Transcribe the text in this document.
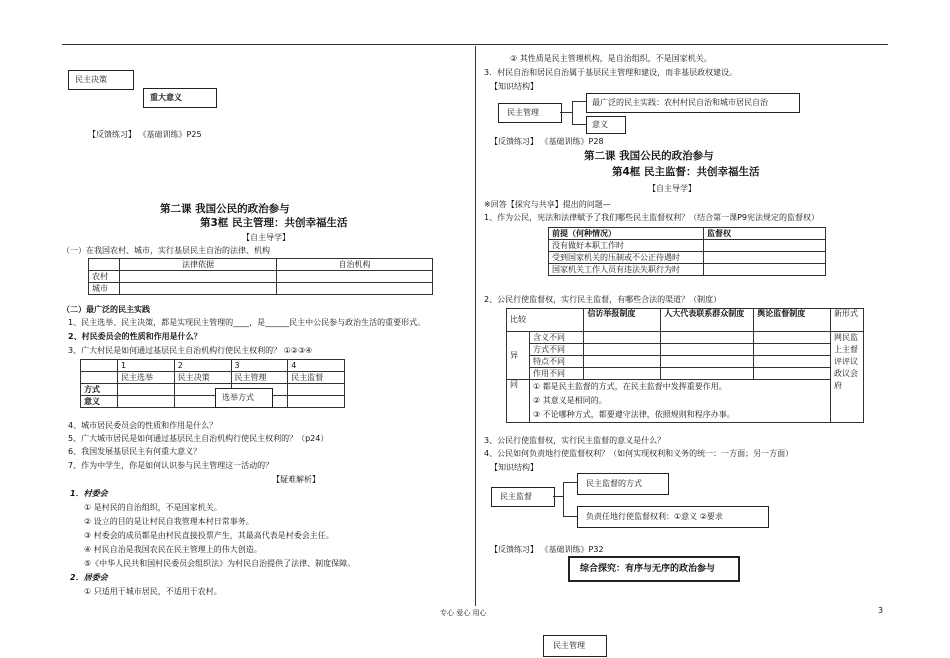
民主决策
重大意义
【反馈练习】 《基础训练》P25
第二课 我国公民的政治参与
第3框 民主管理：共创幸福生活
【自主导学】
（一）在我国农村、城市，实行基层民主自治的法律、机构
	法律依据	自治机构
农村		
城市		
（二）最广泛的民主实践
1、民主选举、民主决策，都是实现民主管理的____，是______民主中公民参与政治生活的重要形式。
2、村民委员会的性质和作用是什么？
3、广大村民是如何通过基层民主自治机构行使民主权利的？ ①②③④
	1	2	3	4
	民主选举	民主决策	民主管理	民主监督
方式				
意义					选举方式
4、城市居民委员会的性质和作用是什么？
5、广大城市居民是如何通过基层民主自治机构行使民主权利的？（p24）
6、我国发展基层民主有何重大意义？
7、作为中学生，你是如何认识参与民主管理这一活动的？
【疑难解析】
1．村委会
① 是村民的自治组织，不是国家机关。
② 设立的目的是让村民自我管理本村日常事务。
③ 村委会的成员都是由村民直接投票产生，其最高代表是村委会主任。
④ 村民自治是我国农民在民主管理上的伟大创造。
⑤《中华人民共和国村民委员会组织法》为村民自治提供了法律、制度保障。
2．居委会
① 只适用于城市居民，不适用于农村。
② 其性质是民主管理机构，是自治组织，不是国家机关。
3．村民自治和居民自治属于基层民主管理和建设，而非基层政权建设。
【知识结构】
民主管理
最广泛的民主实践：农村村民自治和城市居民自治
意义
【反馈练习】 《基础训练》P28
第二课 我国公民的政治参与
第4框 民主监督：共创幸福生活
【自主导学】
※回答【探究与共享】提出的问题—
1、作为公民，宪法和法律赋予了我们哪些民主监督权利？（结合第一课P9宪法规定的监督权）
前提（何种情况）	监督权
没有做好本职工作时	
受到国家机关的压制或不公正待遇时	
国家机关工作人员有违法失职行为时	
2、公民行使监督权，实行民主监督，有哪些合法的渠道？（制度）
比较		信访举报制度	人大代表联系群众制度	舆论监督制度	新形式
异	含义不同				网民监上主督评评议政议会府
	方式不同				
	特点不同				
	作用不同				
同	① 都是民主监督的方式，在民主监督中发挥重要作用。
② 其意义是相同的。
③ 不论哪种方式，都要遵守法律，依照规则和程序办事。				
3、公民行使监督权，实行民主监督的意义是什么？
4、公民如何负责地行使监督权利？（如何实现权利和义务的统一：一方面；另一方面）
【知识结构】
民主监督
民主监督的方式
负责任地行使监督权利：①意义 ②要求
【反馈练习】 《基础训练》P32
综合探究：有序与无序的政治参与
专心 爱心 用心	3
民主管理
